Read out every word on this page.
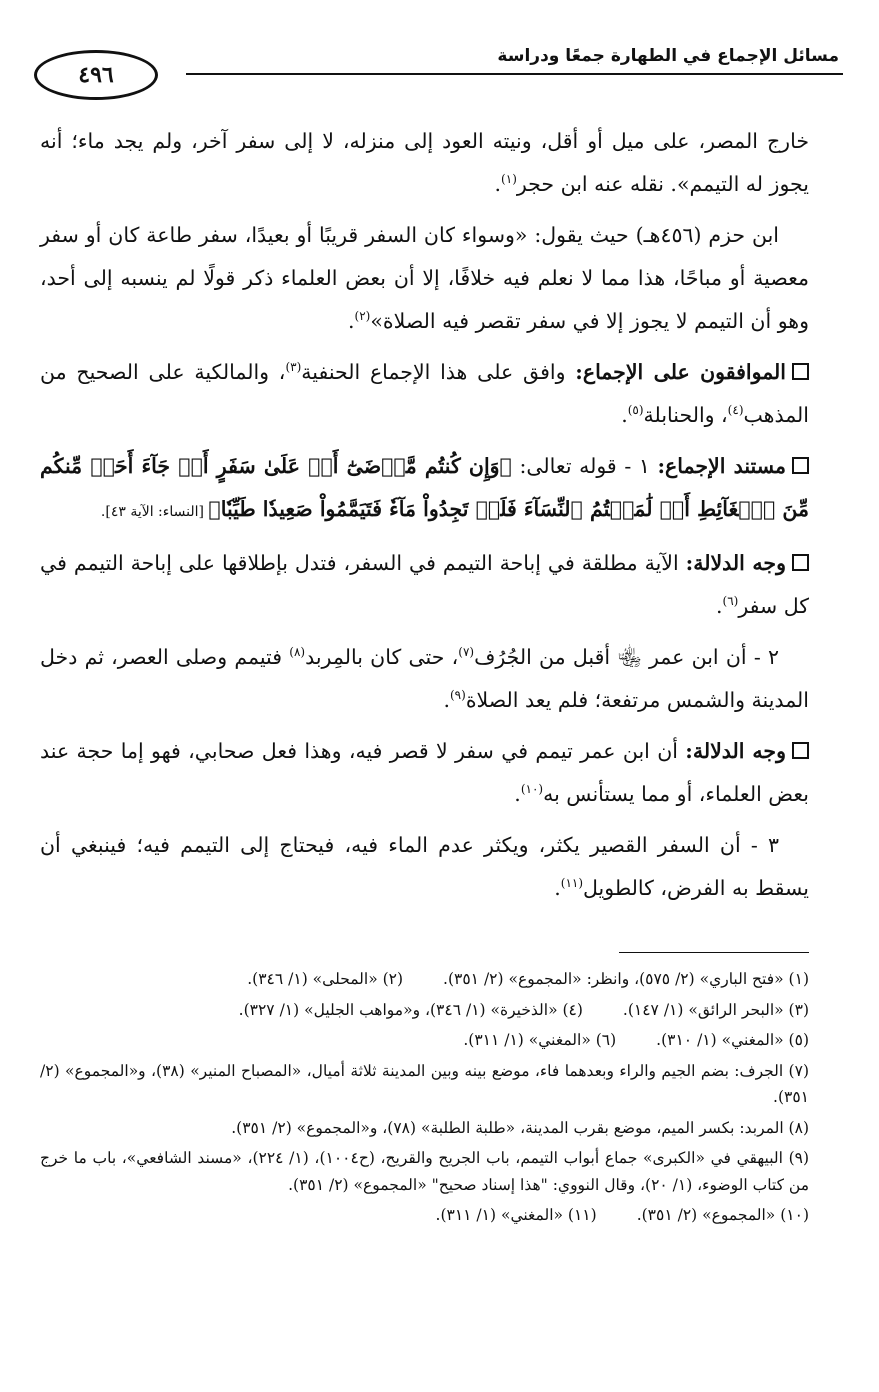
مسائل الإجماع في الطهارة جمعًا ودراسة
٤٩٦

خارج المصر، على ميل أو أقل، ونيته العود إلى منزله، لا إلى سفر آخر، ولم يجد ماء؛ أنه يجوز له التيمم». نقله عنه ابن حجر$^{(١)}$.

ابن حزم (٤٥٦هـ) حيث يقول: «وسواء كان السفر قريبًا أو بعيدًا، سفر طاعة كان أو سفر معصية أو مباحًا، هذا مما لا نعلم فيه خلافًا، إلا أن بعض العلماء ذكر قولًا لم ينسبه إلى أحد، وهو أن التيمم لا يجوز إلا في سفر تقصر فيه الصلاة»$^{(٢)}$.

الموافقون على الإجماع: وافق على هذا الإجماع الحنفية$^{(٣)}$، والمالكية على الصحيح من المذهب$^{(٤)}$، والحنابلة$^{(٥)}$.

مستند الإجماع: ١ - قوله تعالى: ﴿وَإِن كُنتُم مَّرۡضَىٰٓ أَوۡ عَلَىٰ سَفَرٍ أَوۡ جَآءَ أَحَدٞ مِّنكُم مِّنَ ٱلۡغَآئِطِ أَوۡ لَٰمَسۡتُمُ ٱلنِّسَآءَ فَلَمۡ تَجِدُواْ مَآءٗ فَتَيَمَّمُواْ صَعِيدٗا طَيِّبٗا﴾ [النساء: الآية ٤٣].

وجه الدلالة: الآية مطلقة في إباحة التيمم في السفر، فتدل بإطلاقها على إباحة التيمم في كل سفر$^{(٦)}$.

٢ - أن ابن عمر ﵄ أقبل من الجُرُف$^{(٧)}$، حتى كان بالمِربد$^{(٨)}$ فتيمم وصلى العصر، ثم دخل المدينة والشمس مرتفعة؛ فلم يعد الصلاة$^{(٩)}$.

وجه الدلالة: أن ابن عمر تيمم في سفر لا قصر فيه، وهذا فعل صحابي، فهو إما حجة عند بعض العلماء، أو مما يستأنس به$^{(١٠)}$.

٣ - أن السفر القصير يكثر، ويكثر عدم الماء فيه، فيحتاج إلى التيمم فيه؛ فينبغي أن يسقط به الفرض، كالطويل$^{(١١)}$.

(١) «فتح الباري» (٢/ ٥٧٥)، وانظر: «المجموع» (٢/ ٣٥١).
(٢) «المحلى» (١/ ٣٤٦).
(٣) «البحر الرائق» (١/ ١٤٧).
(٤) «الذخيرة» (١/ ٣٤٦)، و«مواهب الجليل» (١/ ٣٢٧).
(٥) «المغني» (١/ ٣١٠).
(٦) «المغني» (١/ ٣١١).
(٧) الجرف: بضم الجيم والراء وبعدهما فاء، موضع بينه وبين المدينة ثلاثة أميال، «المصباح المنير» (٣٨)، و«المجموع» (٢/ ٣٥١).
(٨) المربد: بكسر الميم، موضع بقرب المدينة، «طلبة الطلبة» (٧٨)، و«المجموع» (٢/ ٣٥١).
(٩) البيهقي في «الكبرى» جماع أبواب التيمم، باب الجريح والقريح، (ح١٠٠٤)، (١/ ٢٢٤)، «مسند الشافعي»، باب ما خرج من كتاب الوضوء، (١/ ٢٠)، وقال النووي: "هذا إسناد صحيح" «المجموع» (٢/ ٣٥١).
(١٠) «المجموع» (٢/ ٣٥١).
(١١) «المغني» (١/ ٣١١).
